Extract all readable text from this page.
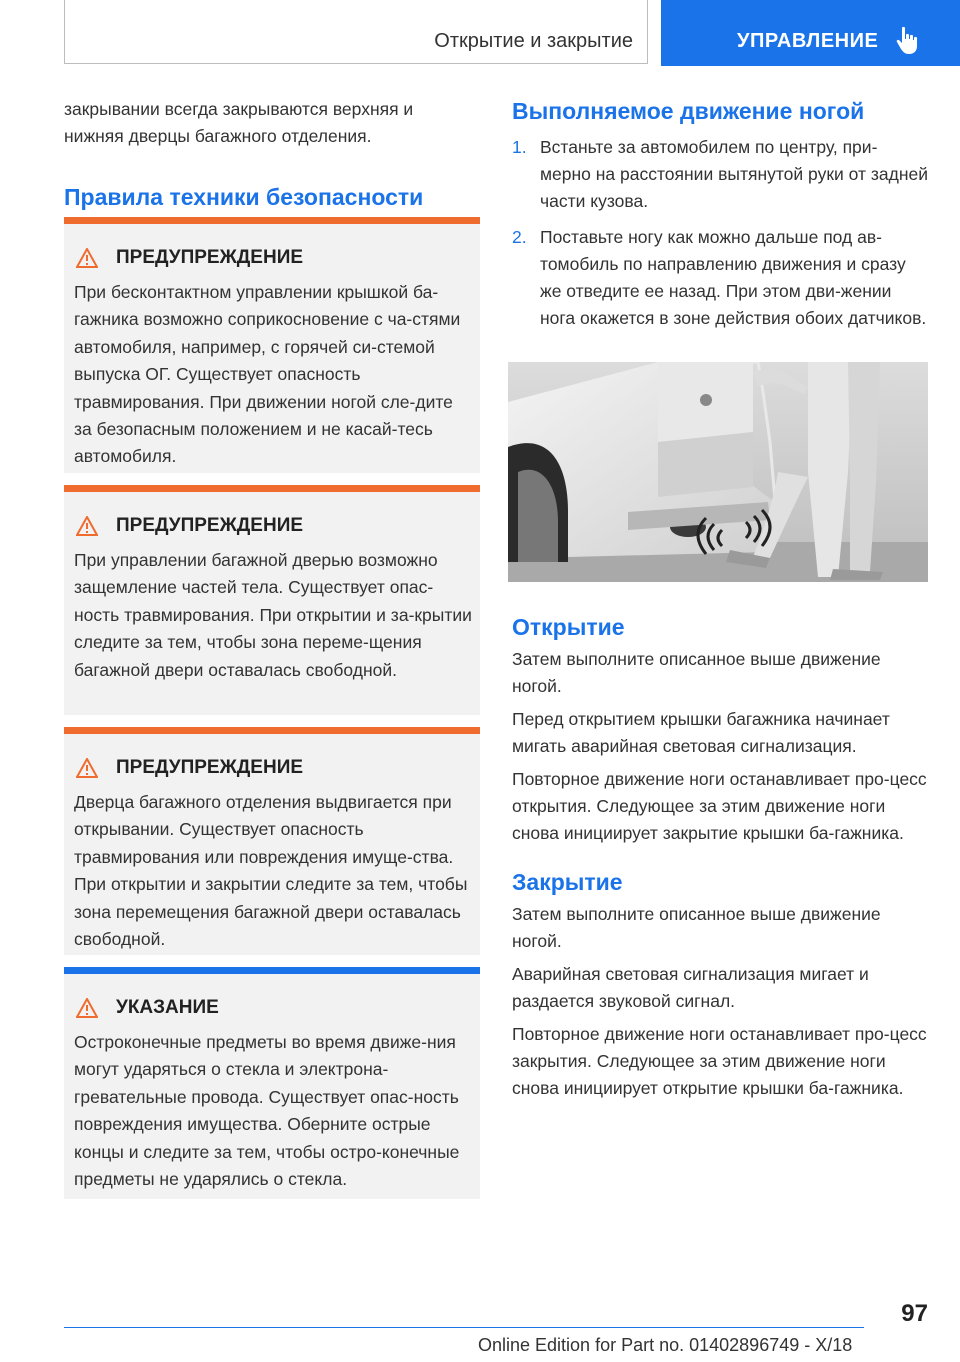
Открытие и закрытие	УПРАВЛЕНИЕ

закрывании всегда закрываются верхняя и нижняя дверцы багажного отделения.

Правила техники безопасности
ПРЕДУПРЕЖДЕНИЕ
При бесконтактном управлении крышкой ба-гажника возможно соприкосновение с ча-стями автомобиля, например, с горячей си-стемой выпуска ОГ. Существует опасность травмирования. При движении ногой сле-дите за безопасным положением и не касай-тесь автомобиля.
ПРЕДУПРЕЖДЕНИЕ
При управлении багажной дверью возможно защемление частей тела. Существует опас-ность травмирования. При открытии и за-крытии следите за тем, чтобы зона переме-щения багажной двери оставалась свободной.
ПРЕДУПРЕЖДЕНИЕ
Дверца багажного отделения выдвигается при открывании. Существует опасность травмирования или повреждения имуще-ства. При открытии и закрытии следите за тем, чтобы зона перемещения багажной двери оставалась свободной.
УКАЗАНИЕ
Остроконечные предметы во время движе-ния могут ударяться о стекла и электрона-гревательные провода. Существует опас-ность повреждения имущества. Оберните острые концы и следите за тем, чтобы остро-конечные предметы не ударялись о стекла.
Выполняемое движение ногой
1. Встаньте за автомобилем по центру, при-мерно на расстоянии вытянутой руки от задней части кузова.
2. Поставьте ногу как можно дальше под ав-томобиль по направлению движения и сразу же отведите ее назад. При этом дви-жении нога окажется в зоне действия обоих датчиков.
Открытие

Затем выполните описанное выше движение ногой.

Перед открытием крышки багажника начинает мигать аварийная световая сигнализация.

Повторное движение ноги останавливает про-цесс открытия. Следующее за этим движение ноги снова инициирует закрытие крышки ба-гажника.

Закрытие

Затем выполните описанное выше движение ногой.

Аварийная световая сигнализация мигает и раздается звуковой сигнал.

Повторное движение ноги останавливает про-цесс закрытия. Следующее за этим движение ноги снова инициирует открытие крышки ба-гажника.

97
Online Edition for Part no. 01402896749 - X/18
